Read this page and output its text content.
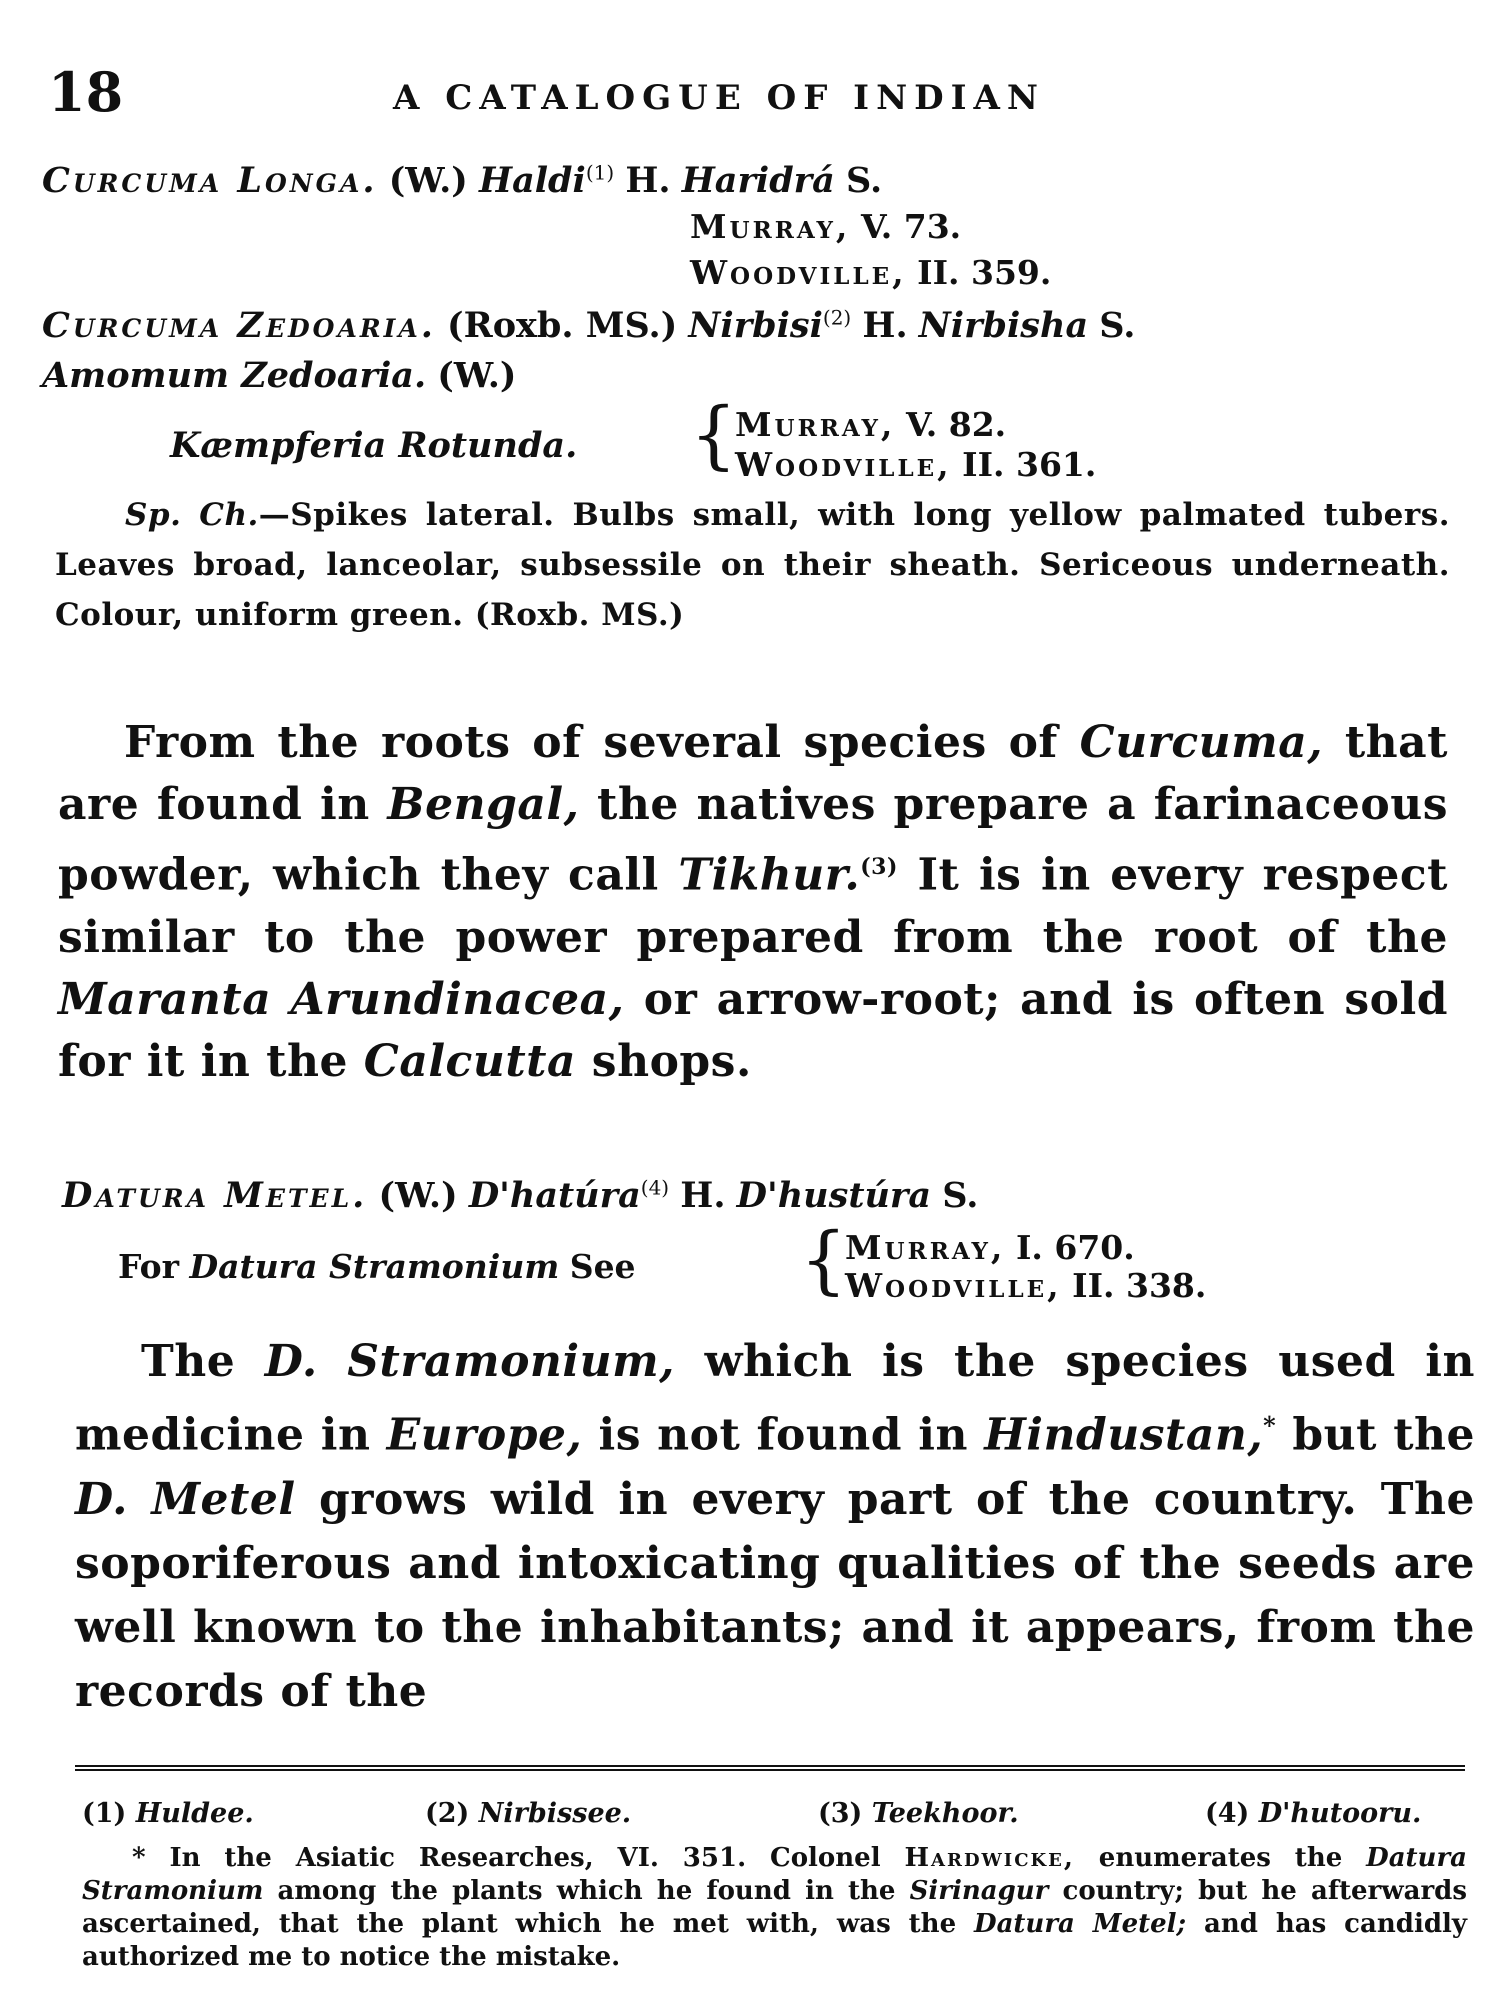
18	A CATALOGUE OF INDIAN
Curcuma Longa. (W.) Haldi$^{(1)}$ H. Haridrá S.
Murray, V. 73.
Woodville, II. 359.
Curcuma Zedoaria. (Roxb. MS.) Nirbisi$^{(2)}$ H. Nirbisha S.
Amomum Zedoaria. (W.)
Kæmpferia Rotunda. {
Murray, V. 82.
Woodville, II. 361.

Sp. Ch.—Spikes lateral. Bulbs small, with long yellow palmated tubers. Leaves broad, lanceolar, subsessile on their sheath. Sericeous underneath. Colour, uniform green. (Roxb. MS.)

From the roots of several species of Curcuma, that are found in Bengal, the natives prepare a farinaceous powder, which they call Tikhur.$^{(3)}$ It is in every respect similar to the power prepared from the root of the Maranta Arundinacea, or arrow-root; and is often sold for it in the Calcutta shops.

Datura Metel. (W.) D'hatúra$^{(4)}$ H. D'hustúra S.
For Datura Stramonium See {
Murray, I. 670.
Woodville, II. 338.

The D. Stramonium, which is the species used in medicine in Europe, is not found in Hindustan,* but the D. Metel grows wild in every part of the country. The soporiferous and intoxicating qualities of the seeds are well known to the inhabitants; and it appears, from the records of the

(1) Huldee.	(2) Nirbissee.	(3) Teekhoor.	(4) D'hutooru.

* In the Asiatic Researches, VI. 351. Colonel Hardwicke, enumerates the Datura Stramonium among the plants which he found in the Sirinagur country; but he afterwards ascertained, that the plant which he met with, was the Datura Metel; and has candidly authorized me to notice the mistake.
